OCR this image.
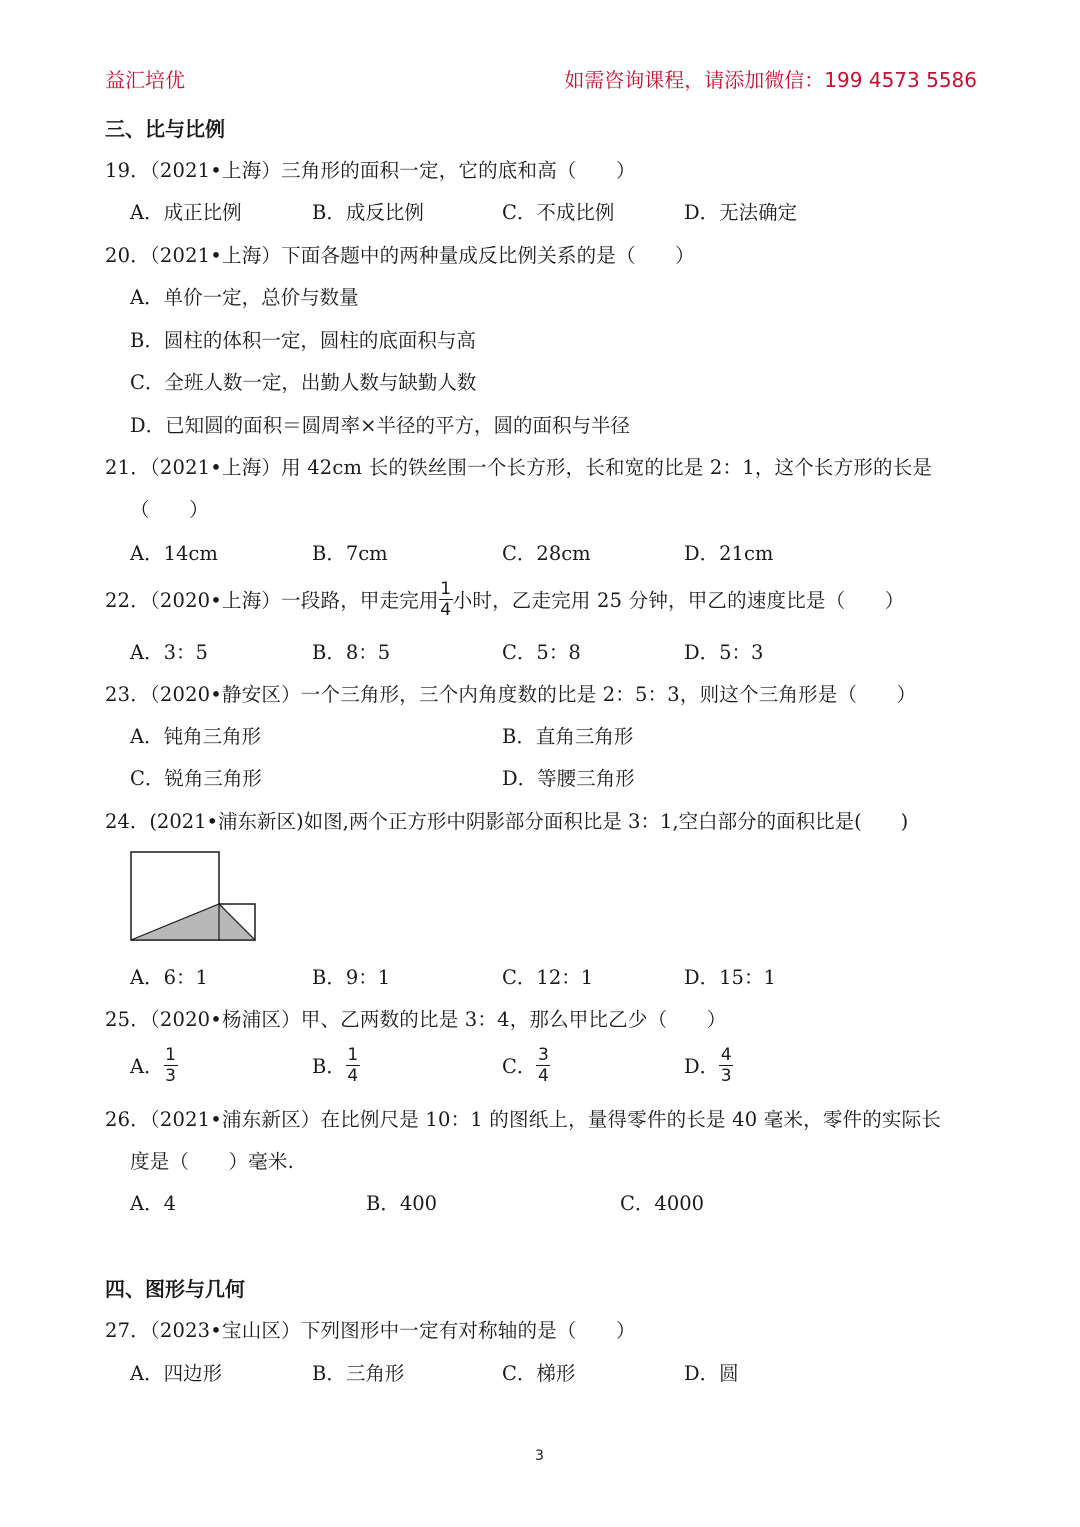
益汇培优	如需咨询课程，请添加微信：199 4573 5586
三、比与比例
19．（2021•上海）三角形的面积一定，它的底和高（　　）
A．成正比例	B．成反比例	C．不成比例	D．无法确定
20．（2021•上海）下面各题中的两种量成反比例关系的是（　　）
A．单价一定，总价与数量
B．圆柱的体积一定，圆柱的底面积与高
C．全班人数一定，出勤人数与缺勤人数
D．已知圆的面积＝圆周率×半径的平方，圆的面积与半径
21．（2021•上海）用 42cm 长的铁丝围一个长方形，长和宽的比是 2：1，这个长方形的长是
（　　）
A．14cm	B．7cm	C．28cm	D．21cm
22．（2020•上海）一段路，甲走完用 $\frac{1}{4}$ 小时，乙走完用 25 分钟，甲乙的速度比是（　　）
A．3：5	B．8：5	C．5：8	D．5：3
23．（2020•静安区）一个三角形，三个内角度数的比是 2：5：3，则这个三角形是（　　）
A．钝角三角形	B．直角三角形
C．锐角三角形	D．等腰三角形
24．(2021•浦东新区)如图,两个正方形中阴影部分面积比是 3：1,空白部分的面积比是(　　)
A．6：1	B．9：1	C．12：1	D．15：1
25．（2020•杨浦区）甲、乙两数的比是 3：4，那么甲比乙少（　　）
A． $\frac{1}{3}$	B． $\frac{1}{4}$	C． $\frac{3}{4}$	D． $\frac{4}{3}$
26．（2021•浦东新区）在比例尺是 10：1 的图纸上，量得零件的长是 40 毫米，零件的实际长
度是（　　）毫米.
A．4	B．400	C．4000
四、图形与几何
27．（2023•宝山区）下列图形中一定有对称轴的是（　　）
A．四边形	B．三角形	C．梯形	D．圆
3
